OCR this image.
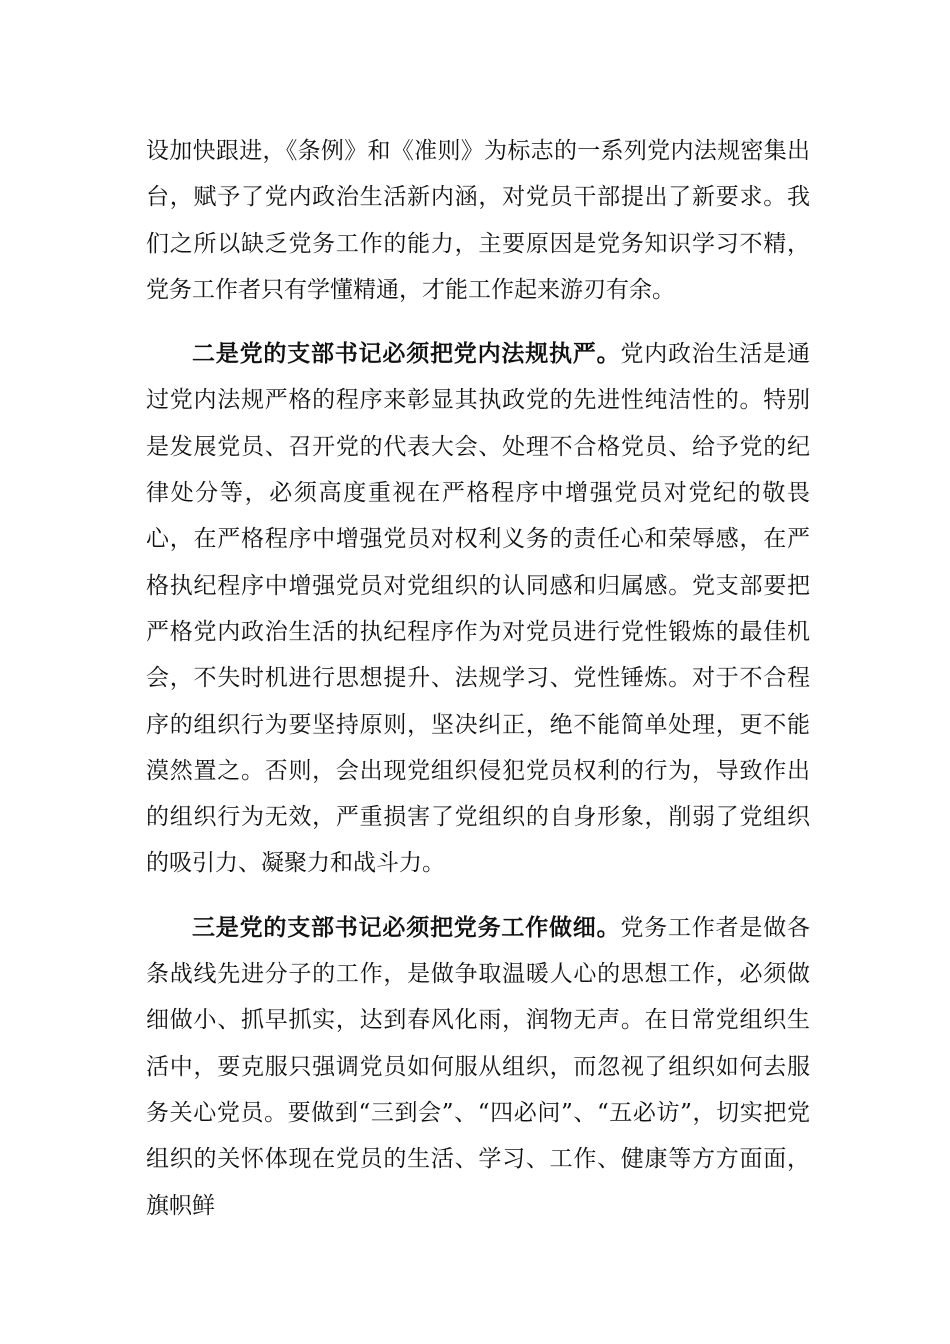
设加快跟进，《条例》和《准则》为标志的一系列党内法规密集出台，赋予了党内政治生活新内涵，对党员干部提出了新要求。我们之所以缺乏党务工作的能力，主要原因是党务知识学习不精，党务工作者只有学懂精通，才能工作起来游刃有余。

二是党的支部书记必须把党内法规执严。党内政治生活是通过党内法规严格的程序来彰显其执政党的先进性纯洁性的。特别是发展党员、召开党的代表大会、处理不合格党员、给予党的纪律处分等，必须高度重视在严格程序中增强党员对党纪的敬畏心，在严格程序中增强党员对权利义务的责任心和荣辱感，在严格执纪程序中增强党员对党组织的认同感和归属感。党支部要把严格党内政治生活的执纪程序作为对党员进行党性锻炼的最佳机会，不失时机进行思想提升、法规学习、党性锤炼。对于不合程序的组织行为要坚持原则，坚决纠正，绝不能简单处理，更不能漠然置之。否则，会出现党组织侵犯党员权利的行为，导致作出的组织行为无效，严重损害了党组织的自身形象，削弱了党组织的吸引力、凝聚力和战斗力。

三是党的支部书记必须把党务工作做细。党务工作者是做各条战线先进分子的工作，是做争取温暖人心的思想工作，必须做细做小、抓早抓实，达到春风化雨，润物无声。在日常党组织生活中，要克服只强调党员如何服从组织，而忽视了组织如何去服务关心党员。要做到“三到会”、“四必问”、“五必访”，切实把党组织的关怀体现在党员的生活、学习、工作、健康等方方面面，旗帜鲜
